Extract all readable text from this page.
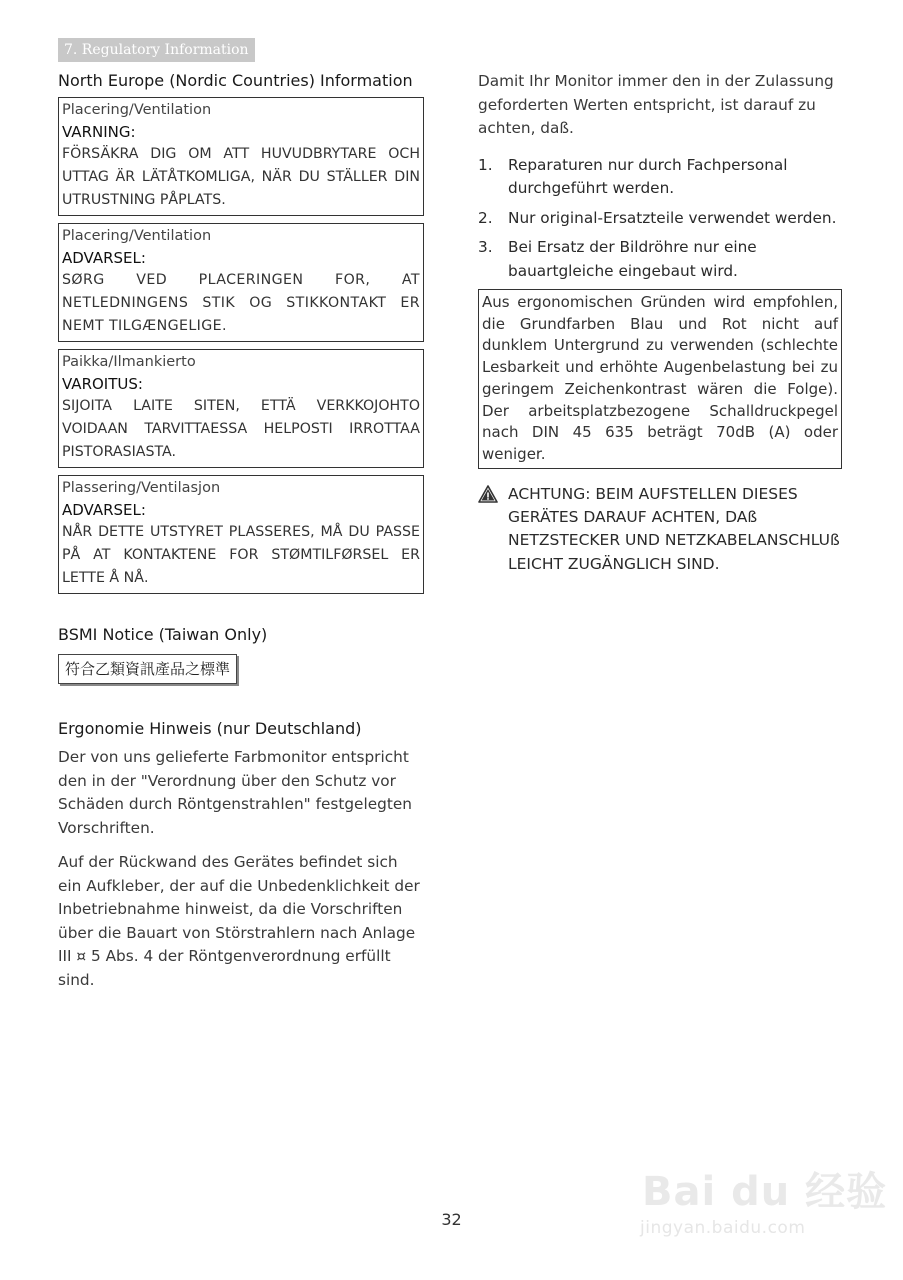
7. Regulatory Information
North Europe (Nordic Countries) Information
Placering/Ventilation
VARNING:
FÖRSÄKRA DIG OM ATT HUVUDBRYTARE OCH UTTAG ÄR LÄTÅTKOMLIGA, NÄR DU STÄLLER DIN UTRUSTNING PÅPLATS.
Placering/Ventilation
ADVARSEL:
SØRG VED PLACERINGEN FOR, AT NETLEDNINGENS STIK OG STIKKONTAKT ER NEMT TILGÆNGELIGE.
Paikka/Ilmankierto
VAROITUS:
SIJOITA LAITE SITEN, ETTÄ VERKKOJOHTO VOIDAAN TARVITTAESSA HELPOSTI IRROTTAA PISTORASIASTA.
Plassering/Ventilasjon
ADVARSEL:
NÅR DETTE UTSTYRET PLASSERES, MÅ DU PASSE PÅ AT KONTAKTENE FOR STØMTILFØRSEL ER LETTE Å NÅ.
BSMI Notice (Taiwan Only)
符合乙類資訊產品之標準
Ergonomie Hinweis (nur Deutschland)

Der von uns gelieferte Farbmonitor entspricht den in der "Verordnung über den Schutz vor Schäden durch Röntgenstrahlen" festgelegten Vorschriften.

Auf der Rückwand des Gerätes befindet sich ein Aufkleber, der auf die Unbedenklichkeit der Inbetriebnahme hinweist, da die Vorschriften über die Bauart von Störstrahlern nach Anlage III ¤ 5 Abs. 4 der Röntgenverordnung erfüllt sind.

Damit Ihr Monitor immer den in der Zulassung geforderten Werten entspricht, ist darauf zu achten, daß.

1. Reparaturen nur durch Fachpersonal durchgeführt werden.
2. Nur original-Ersatzteile verwendet werden.
3. Bei Ersatz der Bildröhre nur eine bauartgleiche eingebaut wird.
Aus ergonomischen Gründen wird empfohlen, die Grundfarben Blau und Rot nicht auf dunklem Untergrund zu verwenden (schlechte Lesbarkeit und erhöhte Augenbelastung bei zu geringem Zeichenkontrast wären die Folge). Der arbeitsplatzbezogene Schalldruckpegel nach DIN 45 635 beträgt 70dB (A) oder weniger.
ACHTUNG: BEIM AUFSTELLEN DIESES GERÄTES DARAUF ACHTEN, DAß NETZSTECKER UND NETZKABELANSCHLUß LEICHT ZUGÄNGLICH SIND.
32
Bai du 经验
jingyan.baidu.com
